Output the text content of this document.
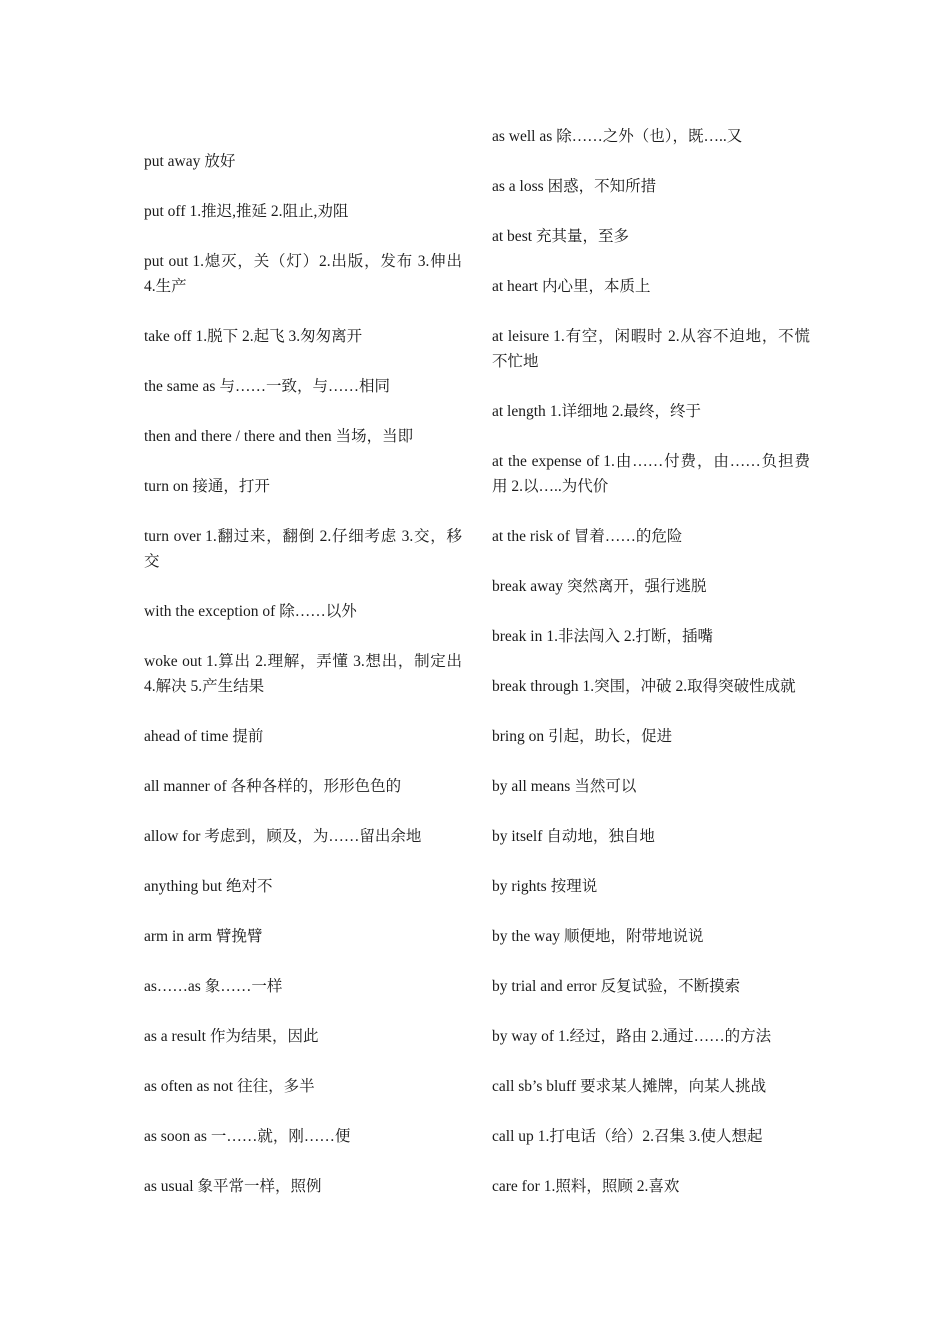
put away 放好

put off 1.推迟,推延 2.阻止,劝阻

put out 1.熄灭，关（灯）2.出版，发布 3.伸出 4.生产

take off 1.脱下 2.起飞 3.匆匆离开

the same as 与……一致，与……相同

then and there / there and then 当场，当即

turn on 接通，打开

turn over 1.翻过来，翻倒 2.仔细考虑 3.交，移交

with the exception of 除……以外

woke out 1.算出 2.理解，弄懂 3.想出，制定出 4.解决 5.产生结果

ahead of time 提前

all manner of 各种各样的，形形色色的

allow for 考虑到，顾及，为……留出余地

anything but 绝对不

arm in arm 臂挽臂

as……as 象……一样

as a result 作为结果，因此

as often as not 往往，多半

as soon as 一……就，刚……便

as usual 象平常一样，照例

as well as 除……之外（也），既…..又

as a loss 困惑，不知所措

at best 充其量，至多

at heart 内心里，本质上

at leisure 1.有空，闲暇时 2.从容不迫地，不慌不忙地

at length 1.详细地 2.最终，终于

at the expense of 1.由……付费，由……负担费用 2.以…..为代价

at the risk of 冒着……的危险

break away 突然离开，强行逃脱

break in 1.非法闯入 2.打断，插嘴

break through 1.突围，冲破 2.取得突破性成就

bring on 引起，助长，促进

by all means 当然可以

by itself 自动地，独自地

by rights 按理说

by the way 顺便地，附带地说说

by trial and error 反复试验，不断摸索

by way of 1.经过，路由 2.通过……的方法

call sb’s bluff 要求某人摊牌，向某人挑战

call up 1.打电话（给）2.召集 3.使人想起

care for 1.照料，照顾 2.喜欢
